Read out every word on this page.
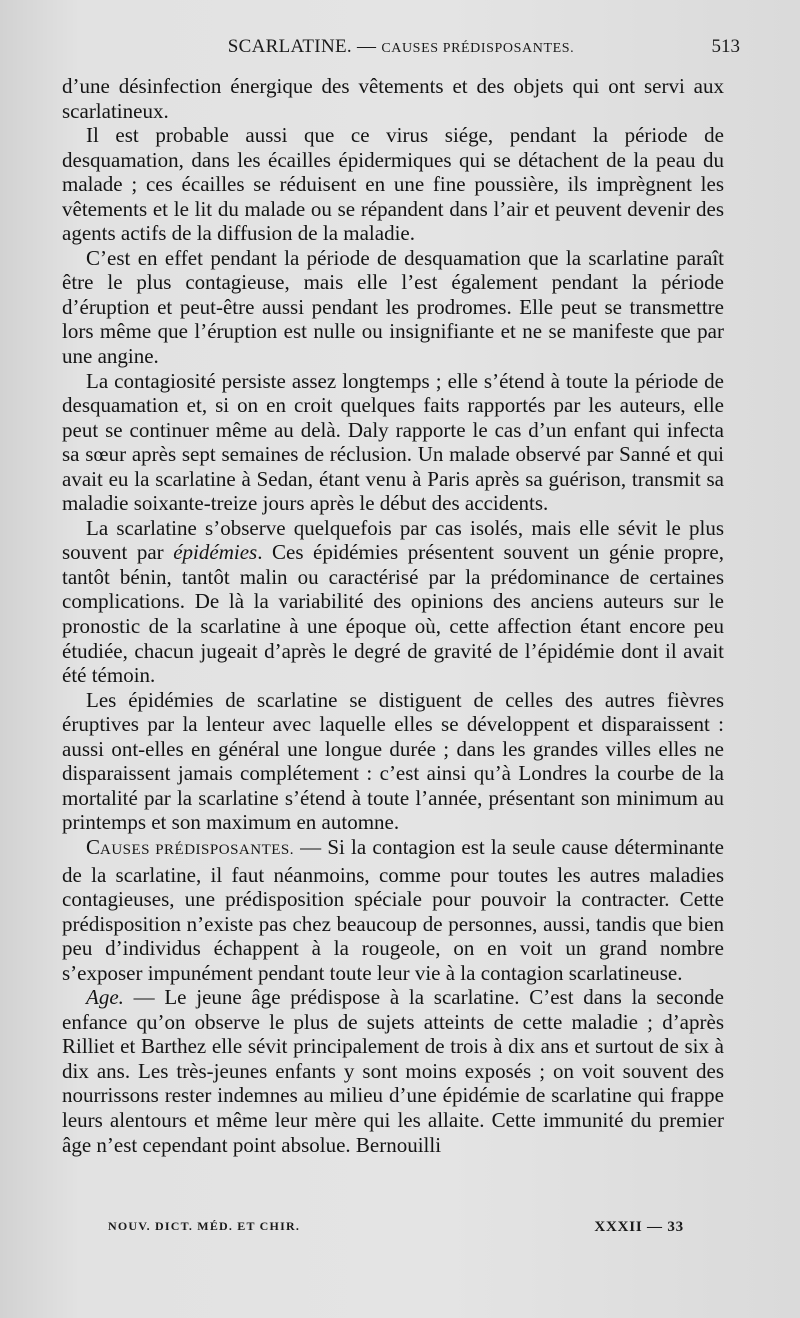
SCARLATINE. — CAUSES PRÉDISPOSANTES.	513

d’une désinfection énergique des vêtements et des objets qui ont servi aux scarlatineux.

Il est probable aussi que ce virus siége, pendant la période de desquamation, dans les écailles épidermiques qui se détachent de la peau du malade ; ces écailles se réduisent en une fine poussière, ils imprègnent les vêtements et le lit du malade ou se répandent dans l’air et peuvent devenir des agents actifs de la diffusion de la maladie.

C’est en effet pendant la période de desquamation que la scarlatine paraît être le plus contagieuse, mais elle l’est également pendant la période d’éruption et peut-être aussi pendant les prodromes. Elle peut se transmettre lors même que l’éruption est nulle ou insignifiante et ne se manifeste que par une angine.

La contagiosité persiste assez longtemps ; elle s’étend à toute la période de desquamation et, si on en croit quelques faits rapportés par les auteurs, elle peut se continuer même au delà. Daly rapporte le cas d’un enfant qui infecta sa sœur après sept semaines de réclusion. Un malade observé par Sanné et qui avait eu la scarlatine à Sedan, étant venu à Paris après sa guérison, transmit sa maladie soixante-treize jours après le début des accidents.

La scarlatine s’observe quelquefois par cas isolés, mais elle sévit le plus souvent par épidémies. Ces épidémies présentent souvent un génie propre, tantôt bénin, tantôt malin ou caractérisé par la prédominance de certaines complications. De là la variabilité des opinions des anciens auteurs sur le pronostic de la scarlatine à une époque où, cette affection étant encore peu étudiée, chacun jugeait d’après le degré de gravité de l’épidémie dont il avait été témoin.

Les épidémies de scarlatine se distiguent de celles des autres fièvres éruptives par la lenteur avec laquelle elles se développent et disparaissent : aussi ont-elles en général une longue durée ; dans les grandes villes elles ne disparaissent jamais complétement : c’est ainsi qu’à Londres la courbe de la mortalité par la scarlatine s’étend à toute l’année, présentant son minimum au printemps et son maximum en automne.

CAUSES PRÉDISPOSANTES. — Si la contagion est la seule cause déterminante de la scarlatine, il faut néanmoins, comme pour toutes les autres maladies contagieuses, une prédisposition spéciale pour pouvoir la contracter. Cette prédisposition n’existe pas chez beaucoup de personnes, aussi, tandis que bien peu d’individus échappent à la rougeole, on en voit un grand nombre s’exposer impunément pendant toute leur vie à la contagion scarlatineuse.

Age. — Le jeune âge prédispose à la scarlatine. C’est dans la seconde enfance qu’on observe le plus de sujets atteints de cette maladie ; d’après Rilliet et Barthez elle sévit principalement de trois à dix ans et surtout de six à dix ans. Les très-jeunes enfants y sont moins exposés ; on voit souvent des nourrissons rester indemnes au milieu d’une épidémie de scarlatine qui frappe leurs alentours et même leur mère qui les allaite. Cette immunité du premier âge n’est cependant point absolue. Bernouilli

NOUV. DICT. MÉD. ET CHIR.	XXXII — 33
